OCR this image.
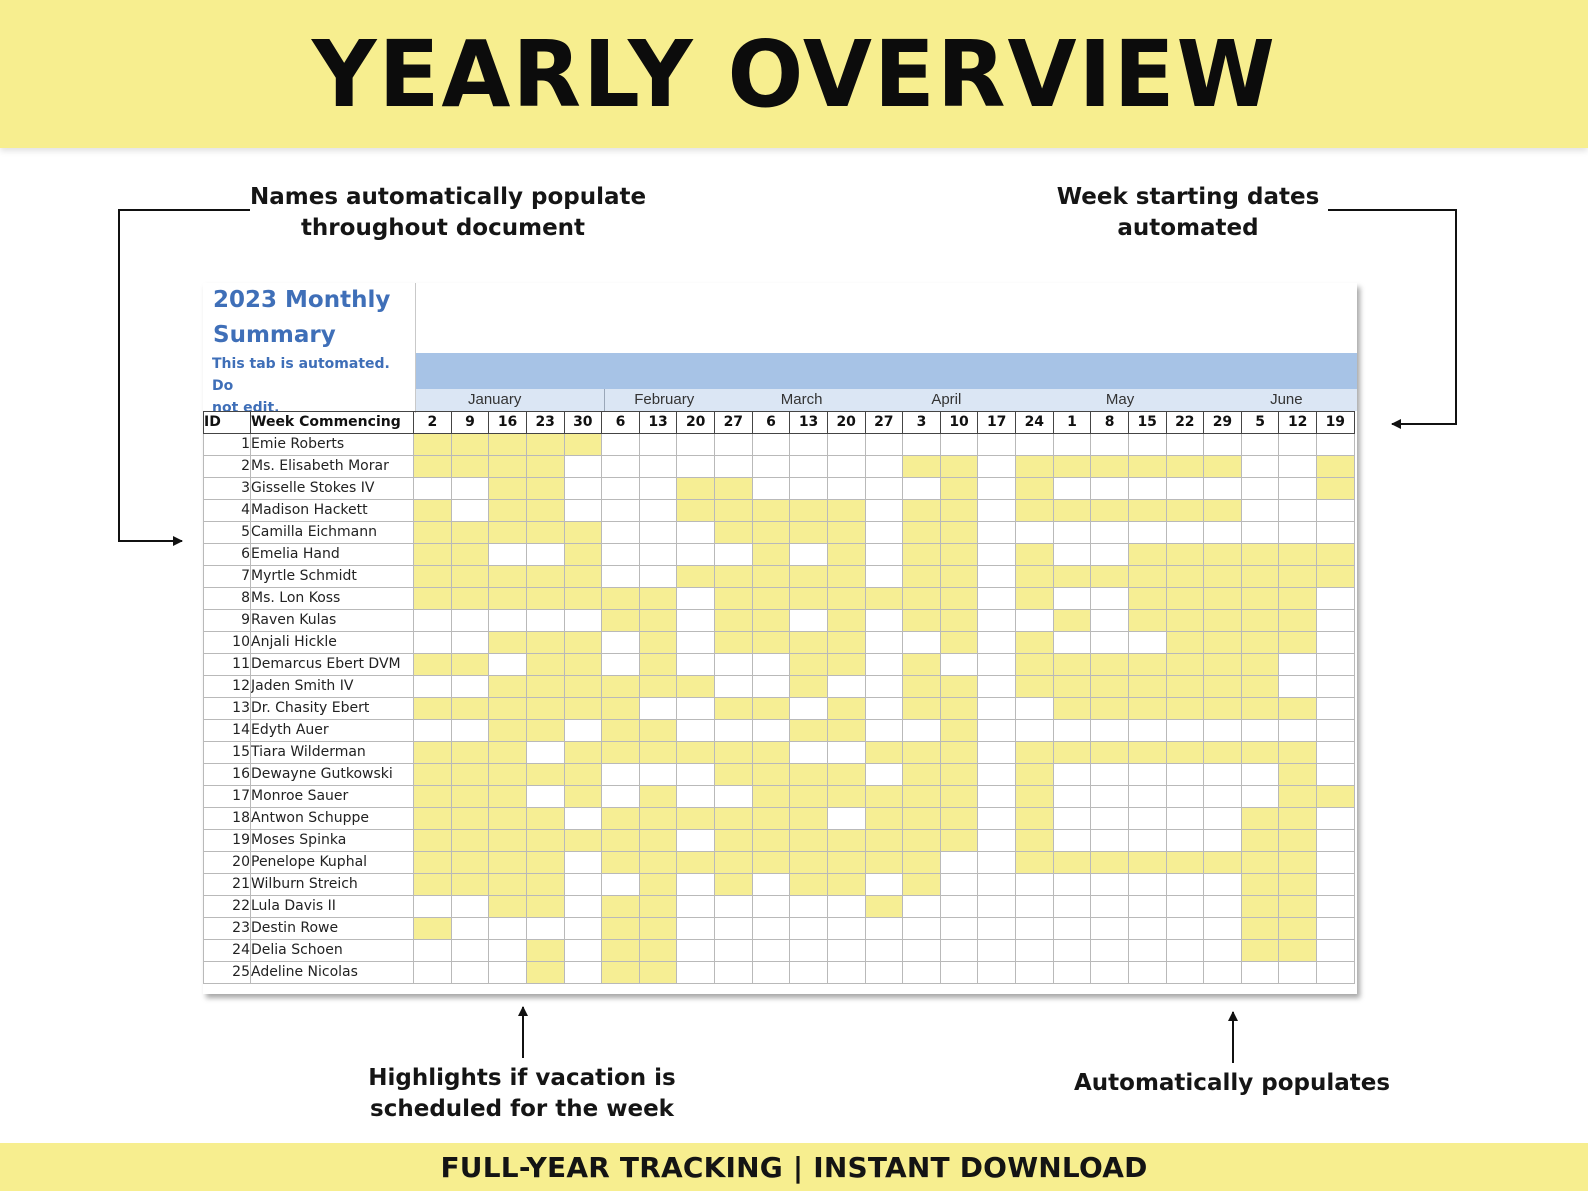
YEARLY OVERVIEW
Names automatically populate
throughout document
Week starting dates
automated
Highlights if vacation is
scheduled for the week
Automatically populates
2023 Monthly
Summary
This tab is automated. Do
not edit.	January	February	March	April	May	June
ID	Week Commencing	2	9	16	23	30	6	13	20	27	6	13	20	27	3	10	17	24	1	8	15	22	29	5	12	19
1	Emie Roberts																									
2	Ms. Elisabeth Morar																									
3	Gisselle Stokes IV																									
4	Madison Hackett																									
5	Camilla Eichmann																									
6	Emelia Hand																									
7	Myrtle Schmidt																									
8	Ms. Lon Koss																									
9	Raven Kulas																									
10	Anjali Hickle																									
11	Demarcus Ebert DVM																									
12	Jaden Smith IV																									
13	Dr. Chasity Ebert																									
14	Edyth Auer																									
15	Tiara Wilderman																									
16	Dewayne Gutkowski																									
17	Monroe Sauer																									
18	Antwon Schuppe																									
19	Moses Spinka																									
20	Penelope Kuphal																									
21	Wilburn Streich																									
22	Lula Davis II																									
23	Destin Rowe																									
24	Delia Schoen																									
25	Adeline Nicolas																									
FULL-YEAR TRACKING | INSTANT DOWNLOAD
